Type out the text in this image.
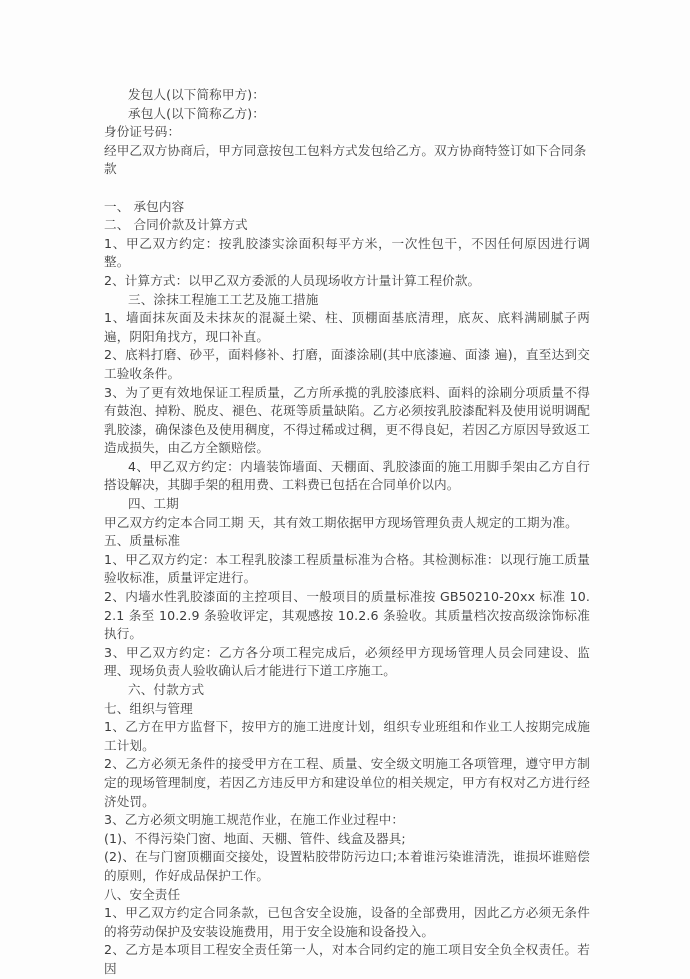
发包人(以下简称甲方)：

承包人(以下简称乙方)：

身份证号码：

经甲乙双方协商后，甲方同意按包工包料方式发包给乙方。双方协商特签订如下合同条款

一、 承包内容

二、 合同价款及计算方式

1、甲乙双方约定：按乳胶漆实涂面积每平方米，一次性包干，不因任何原因进行调整。

2、计算方式：以甲乙双方委派的人员现场收方计量计算工程价款。

三、涂抹工程施工工艺及施工措施

1、墙面抹灰面及未抹灰的混凝土梁、柱、顶棚面基底清理，底灰、底料满刷腻子两遍，阴阳角找方，现口补直。

2、底料打磨、砂平，面料修补、打磨，面漆涂刷(其中底漆遍、面漆 遍)，直至达到交工验收条件。

3、为了更有效地保证工程质量，乙方所承揽的乳胶漆底料、面料的涂刷分项质量不得有鼓泡、掉粉、脱皮、褪色、花斑等质量缺陷。乙方必须按乳胶漆配料及使用说明调配乳胶漆，确保漆色及使用稠度，不得过稀或过稠，更不得良妃，若因乙方原因导致返工造成损失，由乙方全额赔偿。

4、甲乙双方约定：内墙装饰墙面、天棚面、乳胶漆面的施工用脚手架由乙方自行搭设解决，其脚手架的租用费、工料费已包括在合同单价以内。

四、工期

甲乙双方约定本合同工期 天，其有效工期依据甲方现场管理负责人规定的工期为准。

五、质量标准

1、甲乙双方约定：本工程乳胶漆工程质量标准为合格。其检测标准：以现行施工质量验收标准，质量评定进行。

2、内墙水性乳胶漆面的主控项目、一般项目的质量标准按 GB50210-20xx 标准 10.2.1 条至 10.2.9 条验收评定，其观感按 10.2.6 条验收。其质量档次按高级涂饰标准执行。

3、甲乙双方约定：乙方各分项工程完成后，必须经甲方现场管理人员会同建设、监理、现场负责人验收确认后才能进行下道工序施工。

六、付款方式

七、组织与管理

1、乙方在甲方监督下，按甲方的施工进度计划，组织专业班组和作业工人按期完成施工计划。

2、乙方必须无条件的接受甲方在工程、质量、安全级文明施工各项管理，遵守甲方制定的现场管理制度，若因乙方违反甲方和建设单位的相关规定，甲方有权对乙方进行经济处罚。

3、乙方必须文明施工规范作业，在施工作业过程中：

(1)、不得污染门窗、地面、天棚、管件、线盒及器具;

(2)、在与门窗顶棚面交接处，设置粘胶带防污边口;本着谁污染谁清洗，谁损坏谁赔偿的原则，作好成品保护工作。

八、安全责任

1、甲乙双方约定合同条款，已包含安全设施，设备的全部费用，因此乙方必须无条件的将劳动保护及安装设施费用，用于安全设施和设备投入。

2、乙方是本项目工程安全责任第一人，对本合同约定的施工项目安全负全权责任。若因
